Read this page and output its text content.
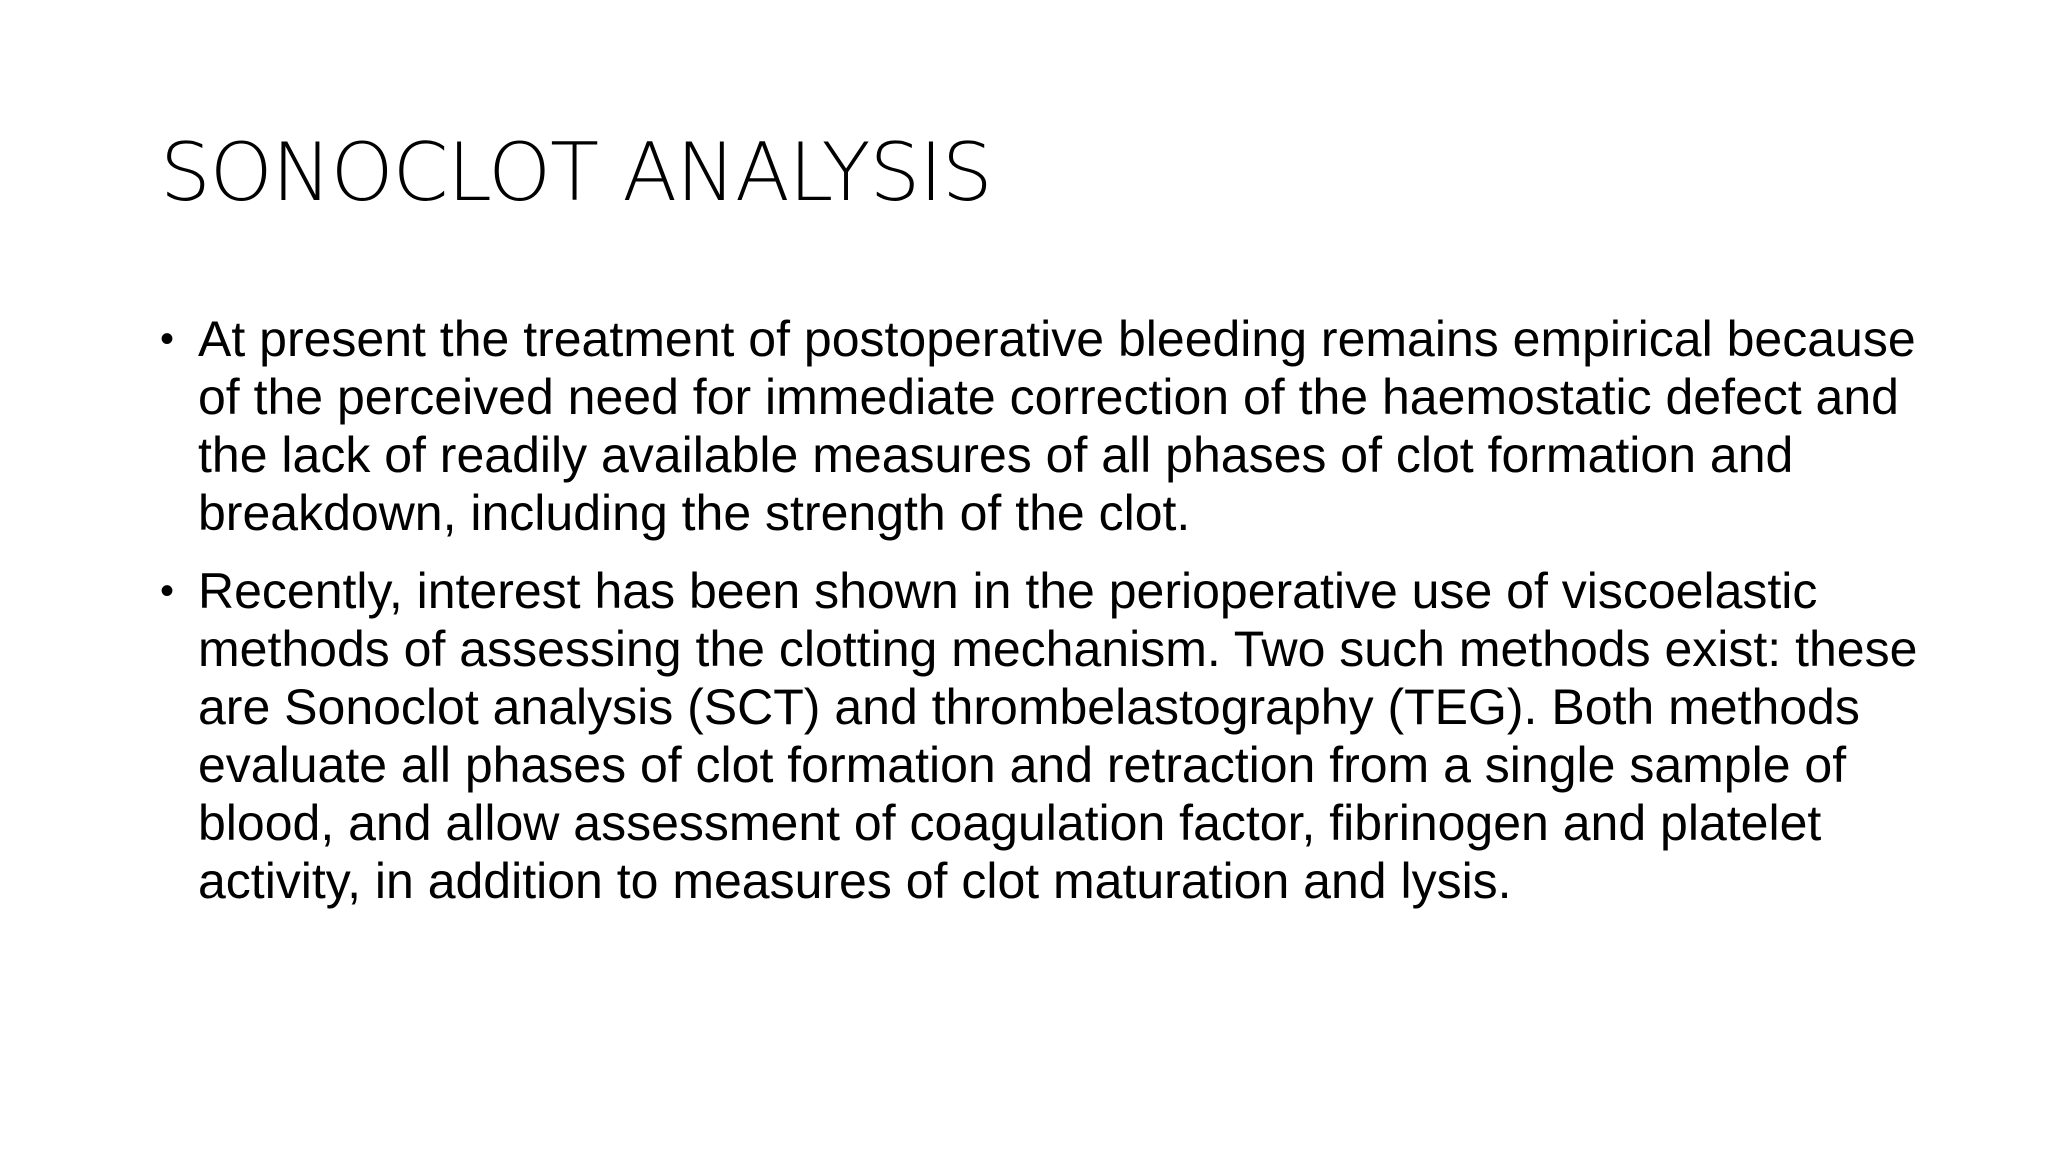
SONOCLOT ANALYSIS
• At present the treatment of postoperative bleeding remains empirical because of the perceived need for immediate correction of the haemostatic defect and the lack of readily available measures of all phases of clot formation and breakdown, including the strength of the clot.
• Recently, interest has been shown in the perioperative use of viscoelastic methods of assessing the clotting mechanism. Two such methods exist: these are Sonoclot analysis (SCT) and thrombelastography (TEG). Both methods evaluate all phases of clot formation and retraction from a single sample of blood, and allow assessment of coagulation factor, fibrinogen and platelet activity, in addition to measures of clot maturation and lysis.
